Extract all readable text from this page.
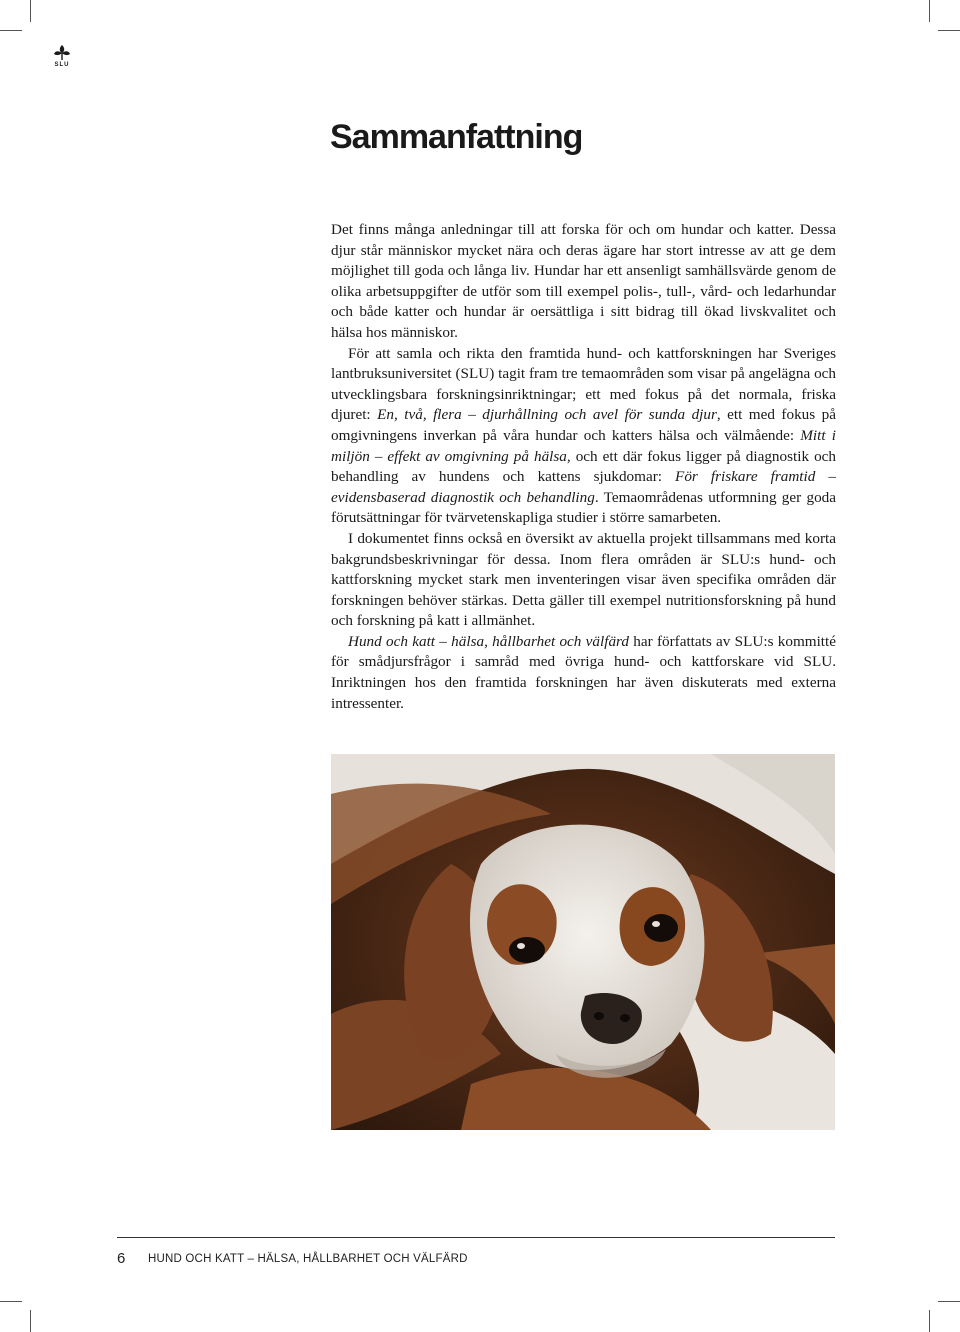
SLU
Sammanfattning

Det finns många anledningar till att forska för och om hundar och katter. Dessa djur står människor mycket nära och deras ägare har stort intresse av att ge dem möjlighet till goda och långa liv. Hundar har ett ansenligt samhällsvärde genom de olika arbetsuppgifter de utför som till exempel polis-, tull-, vård- och ledarhundar och både katter och hundar är oersättliga i sitt bidrag till ökad livskvalitet och hälsa hos människor.

För att samla och rikta den framtida hund- och kattforskningen har Sveriges lantbruksuniversitet (SLU) tagit fram tre temaområden som visar på angelägna och utvecklingsbara forskningsinriktningar; ett med fokus på det normala, friska djuret: En, två, flera – djurhållning och avel för sunda djur, ett med fokus på omgivningens inverkan på våra hundar och katters hälsa och välmående: Mitt i miljön – effekt av omgivning på hälsa, och ett där fokus ligger på diagnostik och behandling av hundens och kattens sjukdomar: För friskare framtid – evidensbaserad diagnostik och behandling. Temaområdenas utformning ger goda förutsättningar för tvärvetenskapliga studier i större samarbeten.

I dokumentet finns också en översikt av aktuella projekt tillsammans med korta bakgrundsbeskrivningar för dessa. Inom flera områden är SLU:s hund- och kattforskning mycket stark men inventeringen visar även specifika områden där forskningen behöver stärkas. Detta gäller till exempel nutritionsforskning på hund och forskning på katt i allmänhet.

Hund och katt – hälsa, hållbarhet och välfärd har författats av SLU:s kommitté för smådjursfrågor i samråd med övriga hund- och kattforskare vid SLU. Inriktningen hos den framtida forskningen har även diskuterats med externa intressenter.

6 HUND OCH KATT – HÄLSA, HÅLLBARHET OCH VÄLFÄRD
